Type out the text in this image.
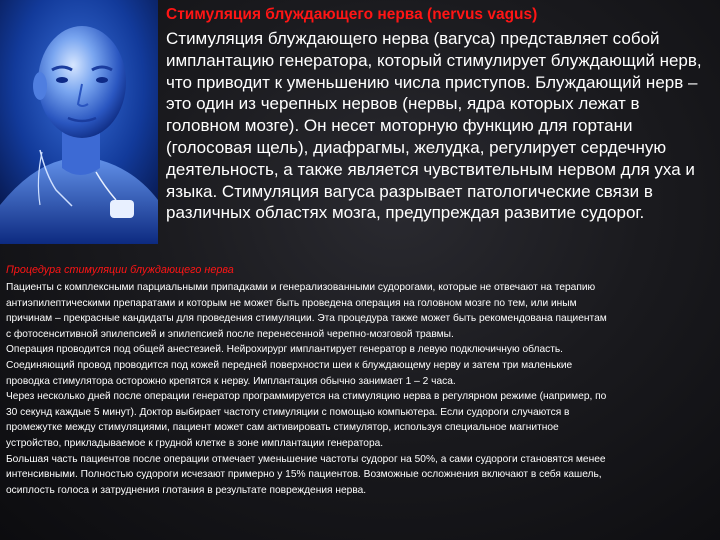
Стимуляция блуждающего нерва (nervus vagus)
Стимуляция блуждающего нерва (вагуса) представляет собой имплантацию генератора, который стимулирует блуждающий нерв, что приводит к уменьшению числа приступов. Блуждающий нерв – это один из черепных нервов (нервы, ядра которых лежат в головном мозге). Он несет моторную функцию для гортани (голосовая щель), диафрагмы, желудка, регулирует сердечную деятельность, а также является чувствительным нервом для уха и языка. Стимуляция вагуса разрывает патологические связи в различных областях мозга, предупреждая развитие судорог.
Процедура стимуляции блуждающего нерва

Пациенты с комплексными парциальными припадками и генерализованными судорогами, которые не отвечают на терапию антиэпилептическими препаратами и которым не может быть проведена операция на головном мозге по тем, или иным причинам – прекрасные кандидаты для проведения стимуляции. Эта процедура также может быть рекомендована пациентам с фотосенситивной эпилепсией и эпилепсией после перенесенной черепно-мозговой травмы.

Операция проводится под общей анестезией. Нейрохирург имплантирует генератор в левую подключичную область. Соединяющий провод проводится под кожей передней поверхности шеи к блуждающему нерву и затем три маленькие проводка стимулятора осторожно крепятся к нерву. Имплантация обычно занимает 1 – 2 часа.

Через несколько дней после операции генератор программируется на стимуляцию нерва в регулярном режиме (например, по 30 секунд каждые 5 минут). Доктор выбирает частоту стимуляции с помощью компьютера. Если судороги случаются в промежутке между стимуляциями, пациент может сам активировать стимулятор, используя специальное магнитное устройство, прикладываемое к грудной клетке в зоне имплантации генератора.

Большая часть пациентов после операции отмечает уменьшение частоты судорог на 50%, а сами судороги становятся менее интенсивными. Полностью судороги исчезают примерно у 15% пациентов. Возможные осложнения включают в себя кашель, осиплость голоса и затруднения глотания в результате повреждения нерва.
